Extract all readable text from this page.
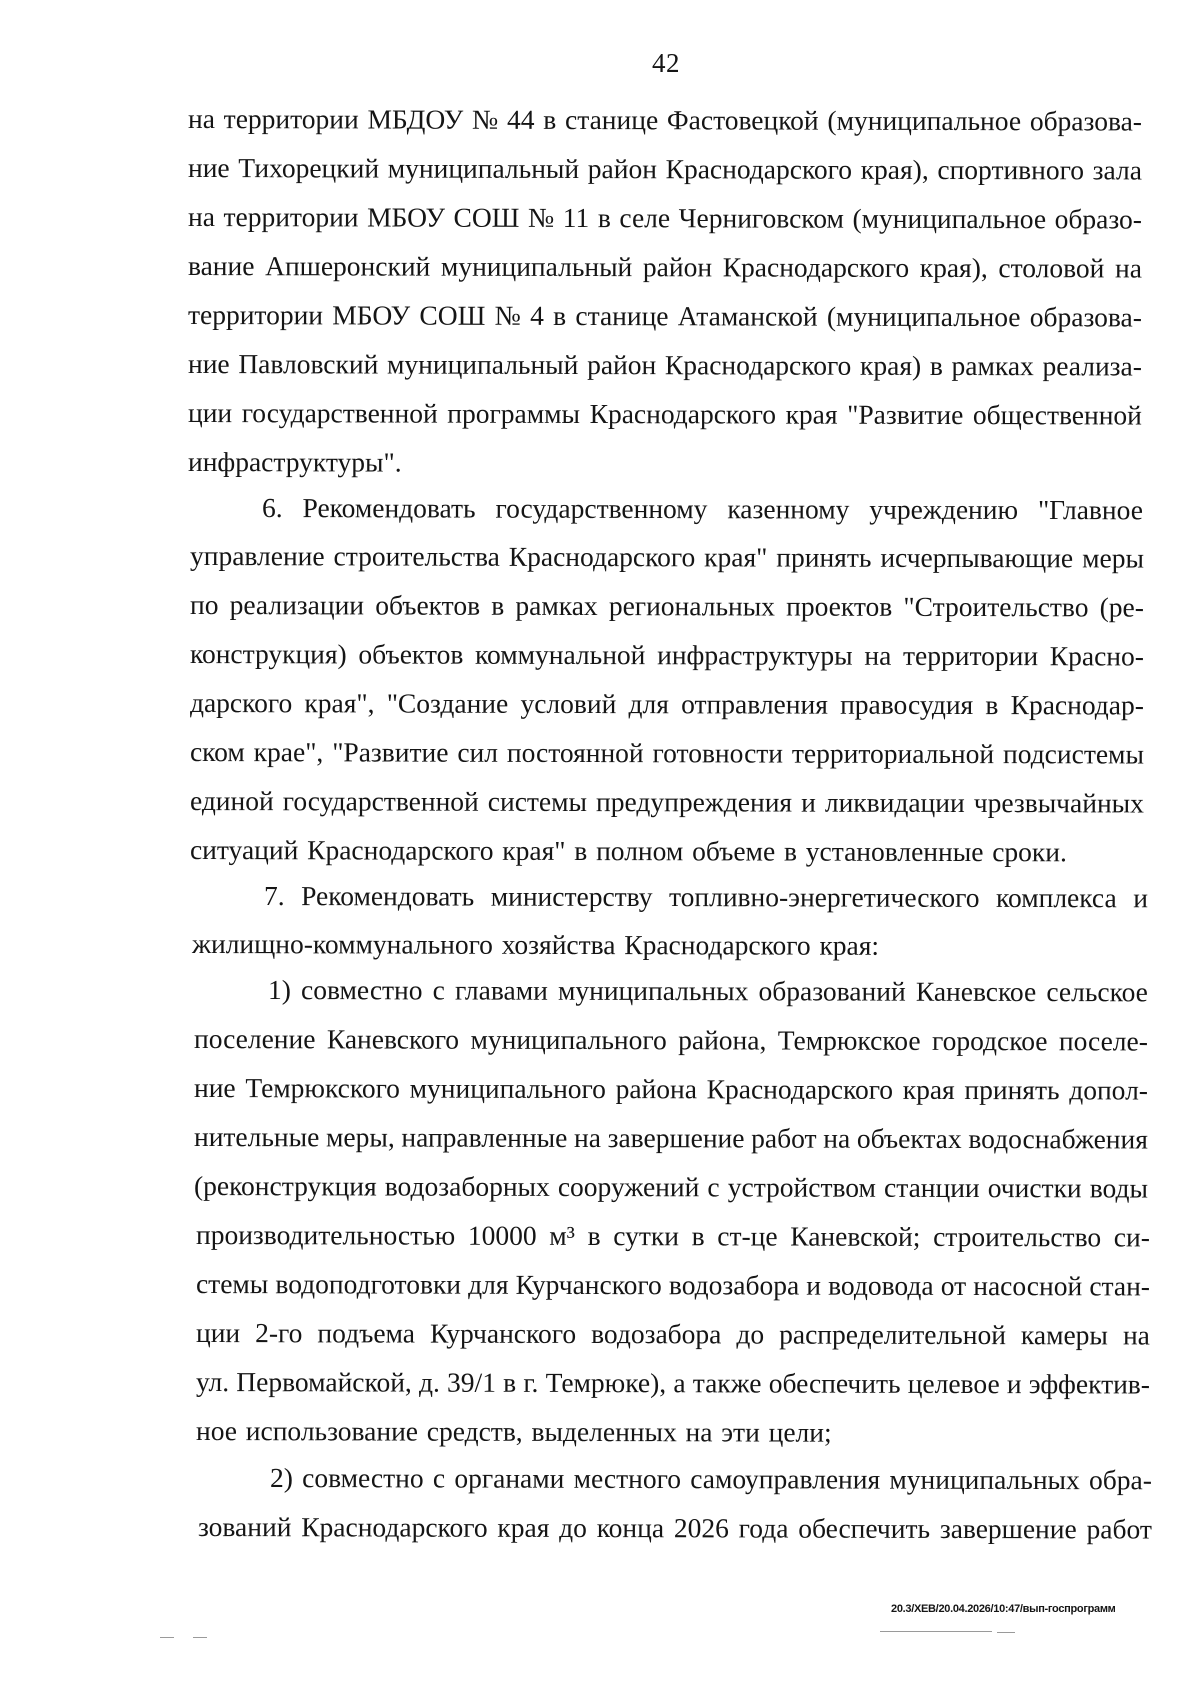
42
на территории МБДОУ № 44 в станице Фастовецкой (муниципальное образова-
ние Тихорецкий муниципальный район Краснодарского края), спортивного зала
на территории МБОУ СОШ № 11 в селе Черниговском (муниципальное образо-
вание Апшеронский муниципальный район Краснодарского края), столовой на
территории МБОУ СОШ № 4 в станице Атаманской (муниципальное образова-
ние Павловский муниципальный район Краснодарского края) в рамках реализа-
ции государственной программы Краснодарского края "Развитие общественной
инфраструктуры".
6. Рекомендовать государственному казенному учреждению "Главное
управление строительства Краснодарского края" принять исчерпывающие меры
по реализации объектов в рамках региональных проектов "Строительство (ре-
конструкция) объектов коммунальной инфраструктуры на территории Красно-
дарского края", "Создание условий для отправления правосудия в Краснодар-
ском крае", "Развитие сил постоянной готовности территориальной подсистемы
единой государственной системы предупреждения и ликвидации чрезвычайных
ситуаций Краснодарского края" в полном объеме в установленные сроки.
7. Рекомендовать министерству топливно-энергетического комплекса и
жилищно-коммунального хозяйства Краснодарского края:
1) совместно с главами муниципальных образований Каневское сельское
поселение Каневского муниципального района, Темрюкское городское поселе-
ние Темрюкского муниципального района Краснодарского края принять допол-
нительные меры, направленные на завершение работ на объектах водоснабжения
(реконструкция водозаборных сооружений с устройством станции очистки воды
производительностью 10000 м³ в сутки в ст-це Каневской; строительство си-
стемы водоподготовки для Курчанского водозабора и водовода от насосной стан-
ции 2-го подъема Курчанского водозабора до распределительной камеры на
ул. Первомайской, д. 39/1 в г. Темрюке), а также обеспечить целевое и эффектив-
ное использование средств, выделенных на эти цели;
2) совместно с органами местного самоуправления муниципальных обра-
зований Краснодарского края до конца 2026 года обеспечить завершение работ
20.3/ХЕВ/20.04.2026/10:47/вып-госпрограмм
